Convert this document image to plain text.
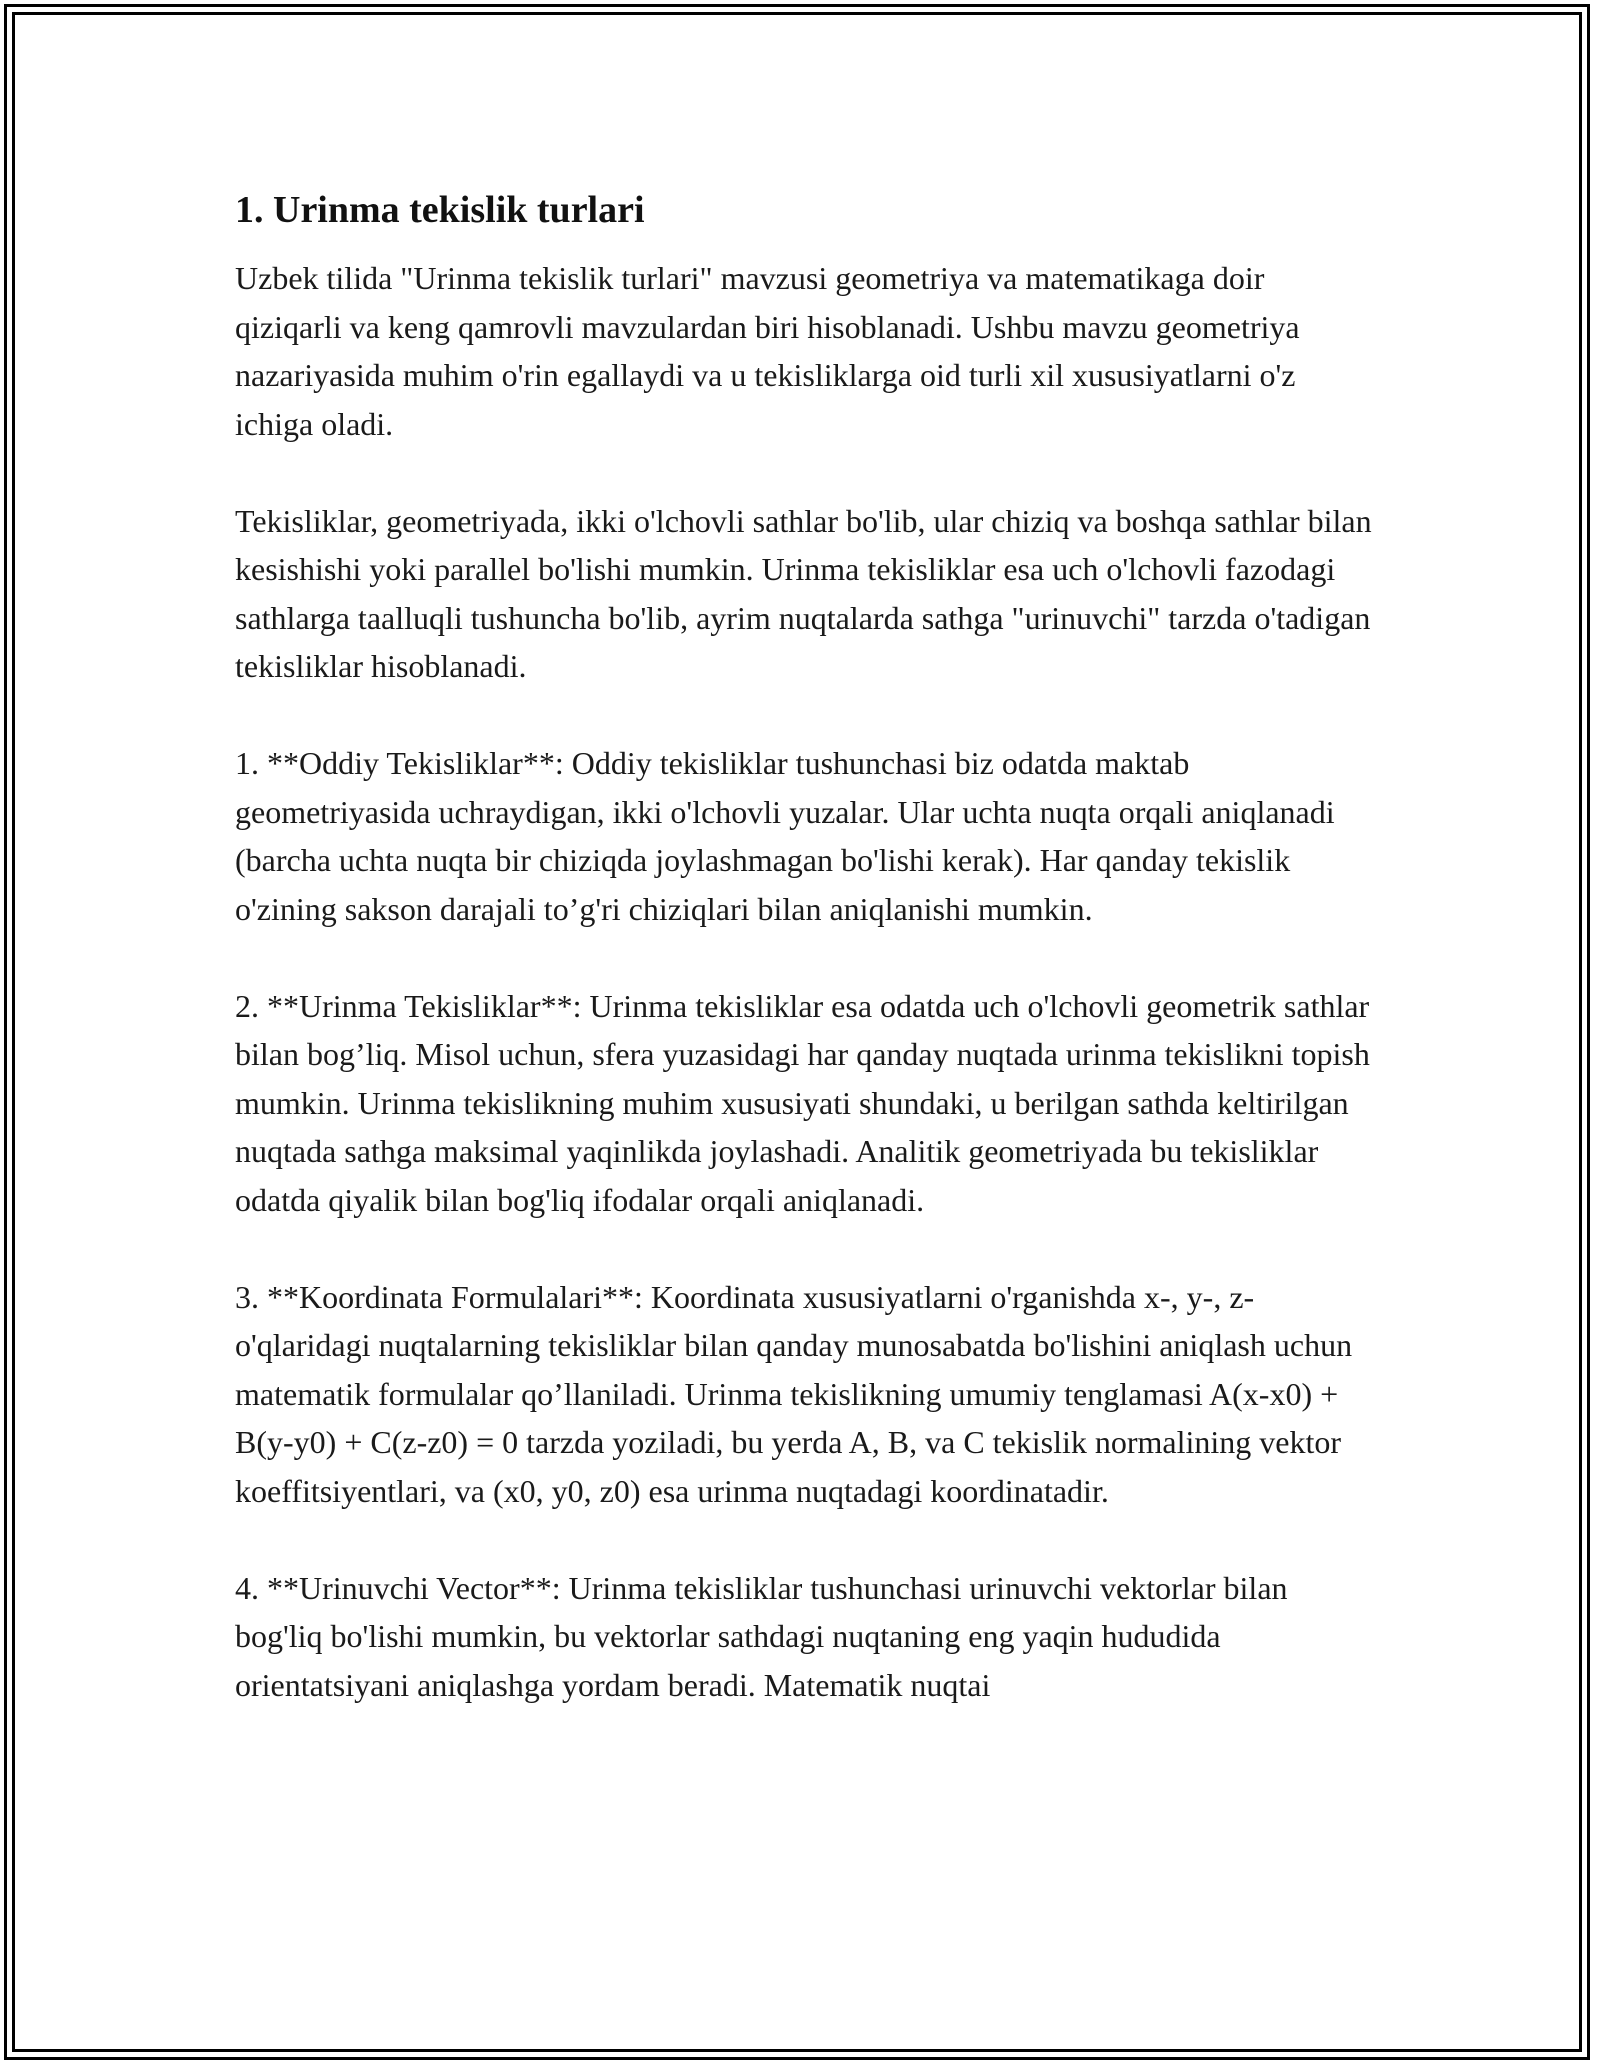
1. Urinma tekislik turlari

Uzbek tilida "Urinma tekislik turlari" mavzusi geometriya va matematikaga doir qiziqarli va keng qamrovli mavzulardan biri hisoblanadi. Ushbu mavzu geometriya nazariyasida muhim o'rin egallaydi va u tekisliklarga oid turli xil xususiyatlarni o'z ichiga oladi.

Tekisliklar, geometriyada, ikki o'lchovli sathlar bo'lib, ular chiziq va boshqa sathlar bilan kesishishi yoki parallel bo'lishi mumkin. Urinma tekisliklar esa uch o'lchovli fazodagi sathlarga taalluqli tushuncha bo'lib, ayrim nuqtalarda sathga "urinuvchi" tarzda o'tadigan tekisliklar hisoblanadi.

1. **Oddiy Tekisliklar**: Oddiy tekisliklar tushunchasi biz odatda maktab geometriyasida uchraydigan, ikki o'lchovli yuzalar. Ular uchta nuqta orqali aniqlanadi (barcha uchta nuqta bir chiziqda joylashmagan bo'lishi kerak). Har qanday tekislik o'zining sakson darajali to’g'ri chiziqlari bilan aniqlanishi mumkin.

2. **Urinma Tekisliklar**: Urinma tekisliklar esa odatda uch o'lchovli geometrik sathlar bilan bog’liq. Misol uchun, sfera yuzasidagi har qanday nuqtada urinma tekislikni topish mumkin. Urinma tekislikning muhim xususiyati shundaki, u berilgan sathda keltirilgan nuqtada sathga maksimal yaqinlikda joylashadi. Analitik geometriyada bu tekisliklar odatda qiyalik bilan bog'liq ifodalar orqali aniqlanadi.

3. **Koordinata Formulalari**: Koordinata xususiyatlarni o'rganishda x-, y-, z-o'qlaridagi nuqtalarning tekisliklar bilan qanday munosabatda bo'lishini aniqlash uchun matematik formulalar qo’llaniladi. Urinma tekislikning umumiy tenglamasi A(x-x0) + B(y-y0) + C(z-z0) = 0 tarzda yoziladi, bu yerda A, B, va C tekislik normalining vektor koeffitsiyentlari, va (x0, y0, z0) esa urinma nuqtadagi koordinatadir.

4. **Urinuvchi Vector**: Urinma tekisliklar tushunchasi urinuvchi vektorlar bilan bog'liq bo'lishi mumkin, bu vektorlar sathdagi nuqtaning eng yaqin hududida orientatsiyani aniqlashga yordam beradi. Matematik nuqtai
